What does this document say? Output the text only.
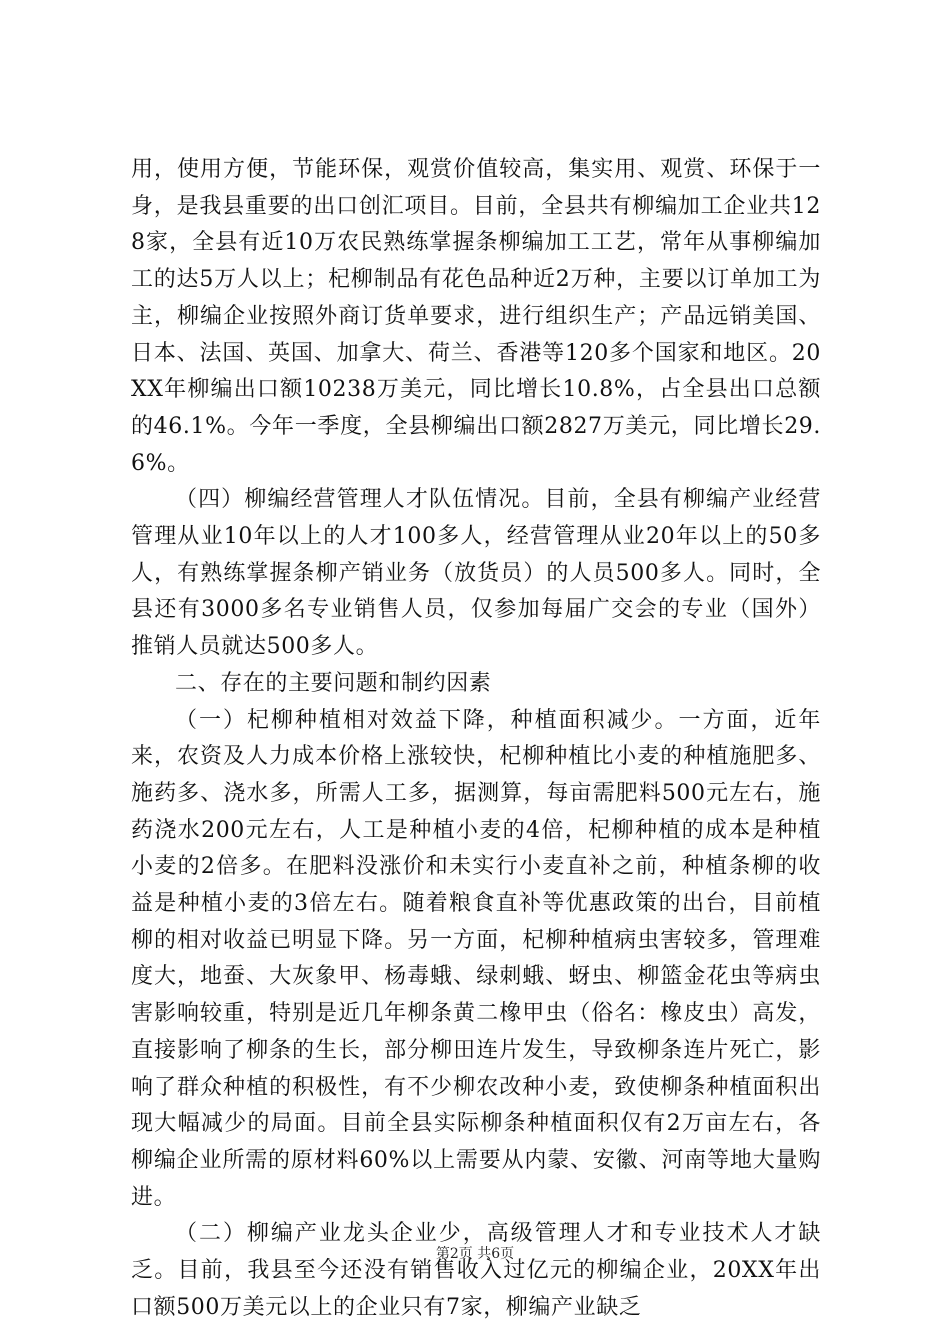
用，使用方便，节能环保，观赏价值较高，集实用、观赏、环保于一身，是我县重要的出口创汇项目。目前，全县共有柳编加工企业共128家，全县有近10万农民熟练掌握条柳编加工工艺，常年从事柳编加工的达5万人以上；杞柳制品有花色品种近2万种，主要以订单加工为主，柳编企业按照外商订货单要求，进行组织生产；产品远销美国、日本、法国、英国、加拿大、荷兰、香港等120多个国家和地区。20XX年柳编出口额10238万美元，同比增长10.8%，占全县出口总额的46.1%。今年一季度，全县柳编出口额2827万美元，同比增长29.6%。

（四）柳编经营管理人才队伍情况。目前，全县有柳编产业经营管理从业10年以上的人才100多人，经营管理从业20年以上的50多人，有熟练掌握条柳产销业务（放货员）的人员500多人。同时，全县还有3000多名专业销售人员，仅参加每届广交会的专业（国外）推销人员就达500多人。

二、存在的主要问题和制约因素

（一）杞柳种植相对效益下降，种植面积减少。一方面，近年来，农资及人力成本价格上涨较快，杞柳种植比小麦的种植施肥多、施药多、浇水多，所需人工多，据测算，每亩需肥料500元左右，施药浇水200元左右，人工是种植小麦的4倍，杞柳种植的成本是种植小麦的2倍多。在肥料没涨价和未实行小麦直补之前，种植条柳的收益是种植小麦的3倍左右。随着粮食直补等优惠政策的出台，目前植柳的相对收益已明显下降。另一方面，杞柳种植病虫害较多，管理难度大，地蚕、大灰象甲、杨毒蛾、绿刺蛾、蚜虫、柳篮金花虫等病虫害影响较重，特别是近几年柳条黄二橡甲虫（俗名：橡皮虫）高发，直接影响了柳条的生长，部分柳田连片发生，导致柳条连片死亡，影响了群众种植的积极性，有不少柳农改种小麦，致使柳条种植面积出现大幅减少的局面。目前全县实际柳条种植面积仅有2万亩左右，各柳编企业所需的原材料60%以上需要从内蒙、安徽、河南等地大量购进。

（二）柳编产业龙头企业少，高级管理人才和专业技术人才缺乏。目前，我县至今还没有销售收入过亿元的柳编企业，20XX年出口额500万美元以上的企业只有7家，柳编产业缺乏

第2页 共6页
